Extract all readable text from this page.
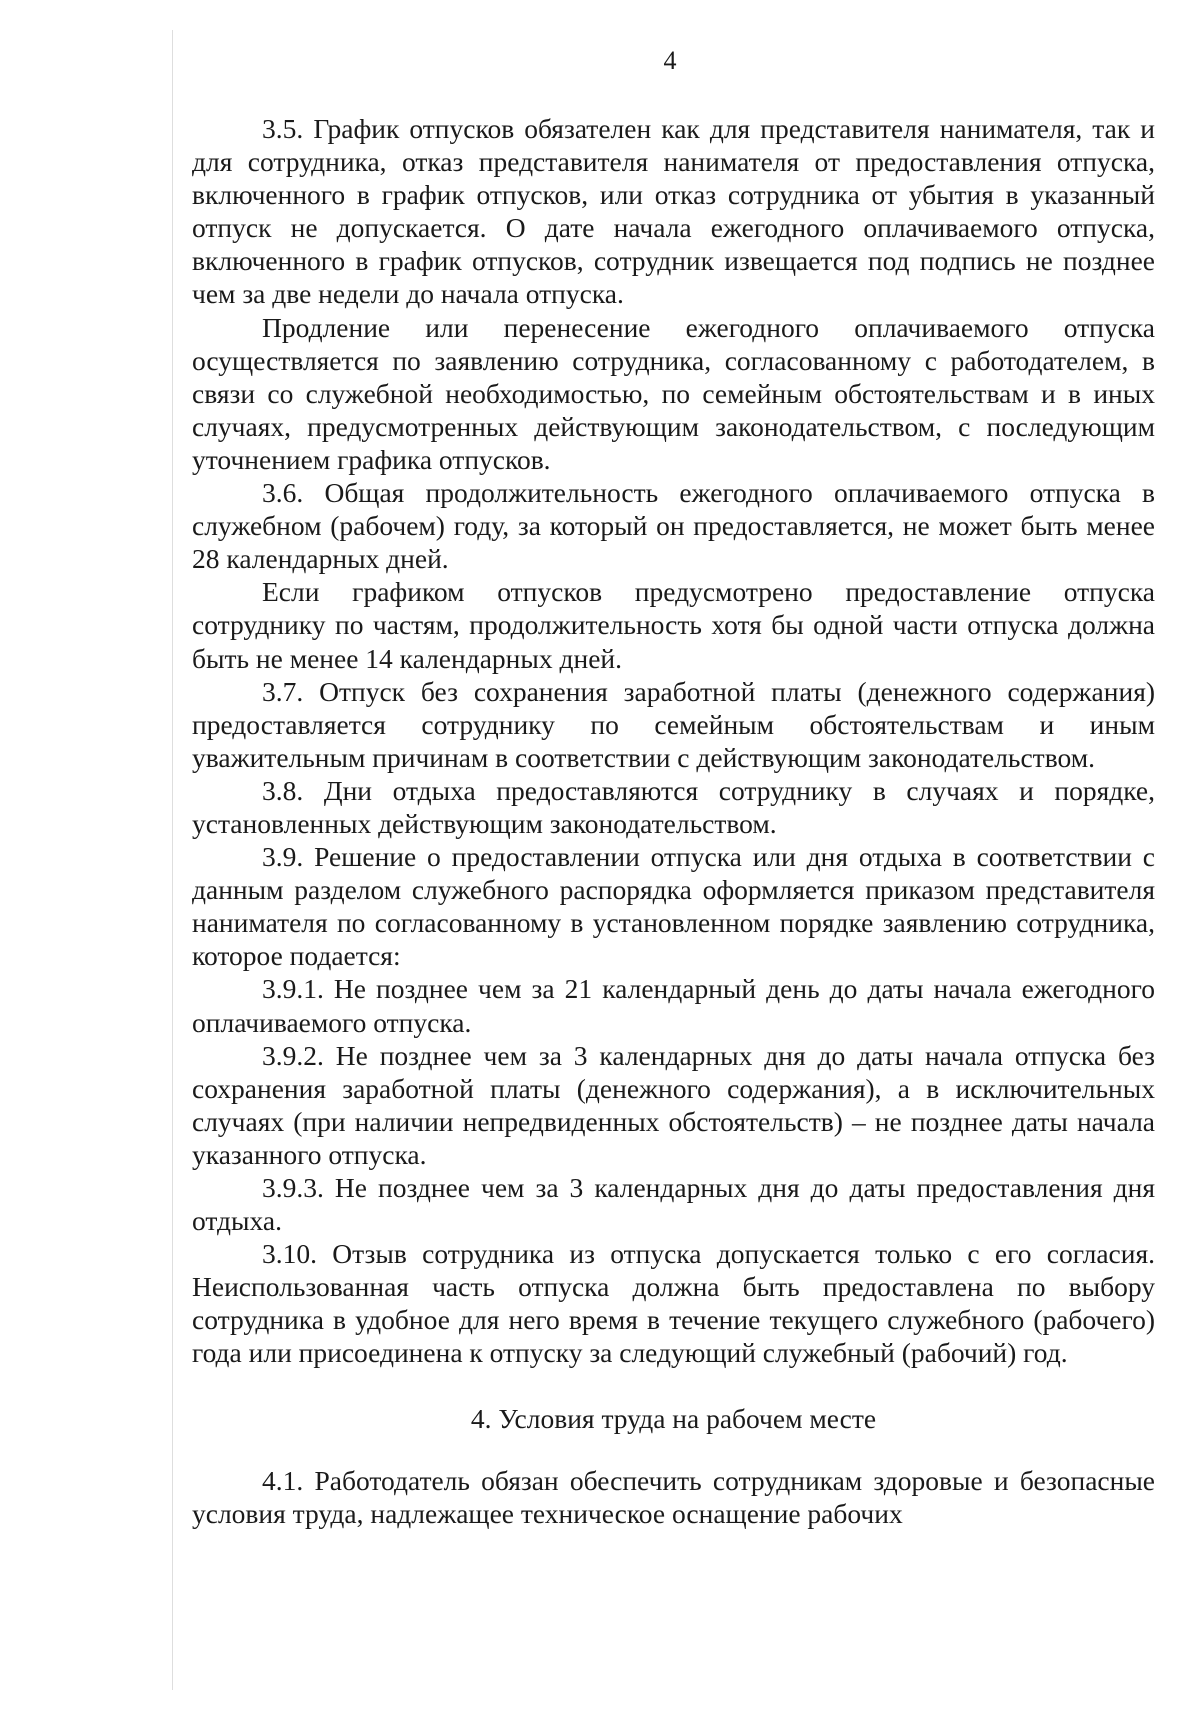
4

3.5. График отпусков обязателен как для представителя нанимателя, так и для сотрудника, отказ представителя нанимателя от предоставления отпуска, включенного в график отпусков, или отказ сотрудника от убытия в указанный отпуск не допускается. О дате начала ежегодного оплачиваемого отпуска, включенного в график отпусков, сотрудник извещается под подпись не позднее чем за две недели до начала отпуска.

Продление или перенесение ежегодного оплачиваемого отпуска осуществляется по заявлению сотрудника, согласованному с работодателем, в связи со служебной необходимостью, по семейным обстоятельствам и в иных случаях, предусмотренных действующим законодательством, с последующим уточнением графика отпусков.

3.6. Общая продолжительность ежегодного оплачиваемого отпуска в служебном (рабочем) году, за который он предоставляется, не может быть менее 28 календарных дней.

Если графиком отпусков предусмотрено предоставление отпуска сотруднику по частям, продолжительность хотя бы одной части отпуска должна быть не менее 14 календарных дней.

3.7. Отпуск без сохранения заработной платы (денежного содержания) предоставляется сотруднику по семейным обстоятельствам и иным уважительным причинам в соответствии с действующим законодательством.

3.8. Дни отдыха предоставляются сотруднику в случаях и порядке, установленных действующим законодательством.

3.9. Решение о предоставлении отпуска или дня отдыха в соответствии с данным разделом служебного распорядка оформляется приказом представителя нанимателя по согласованному в установленном порядке заявлению сотрудника, которое подается:

3.9.1. Не позднее чем за 21 календарный день до даты начала ежегодного оплачиваемого отпуска.

3.9.2. Не позднее чем за 3 календарных дня до даты начала отпуска без сохранения заработной платы (денежного содержания), а в исключительных случаях (при наличии непредвиденных обстоятельств) – не позднее даты начала указанного отпуска.

3.9.3. Не позднее чем за 3 календарных дня до даты предоставления дня отдыха.

3.10. Отзыв сотрудника из отпуска допускается только с его согласия. Неиспользованная часть отпуска должна быть предоставлена по выбору сотрудника в удобное для него время в течение текущего служебного (рабочего) года или присоединена к отпуску за следующий служебный (рабочий) год.

4. Условия труда на рабочем месте

4.1. Работодатель обязан обеспечить сотрудникам здоровые и безопасные условия труда, надлежащее техническое оснащение рабочих
